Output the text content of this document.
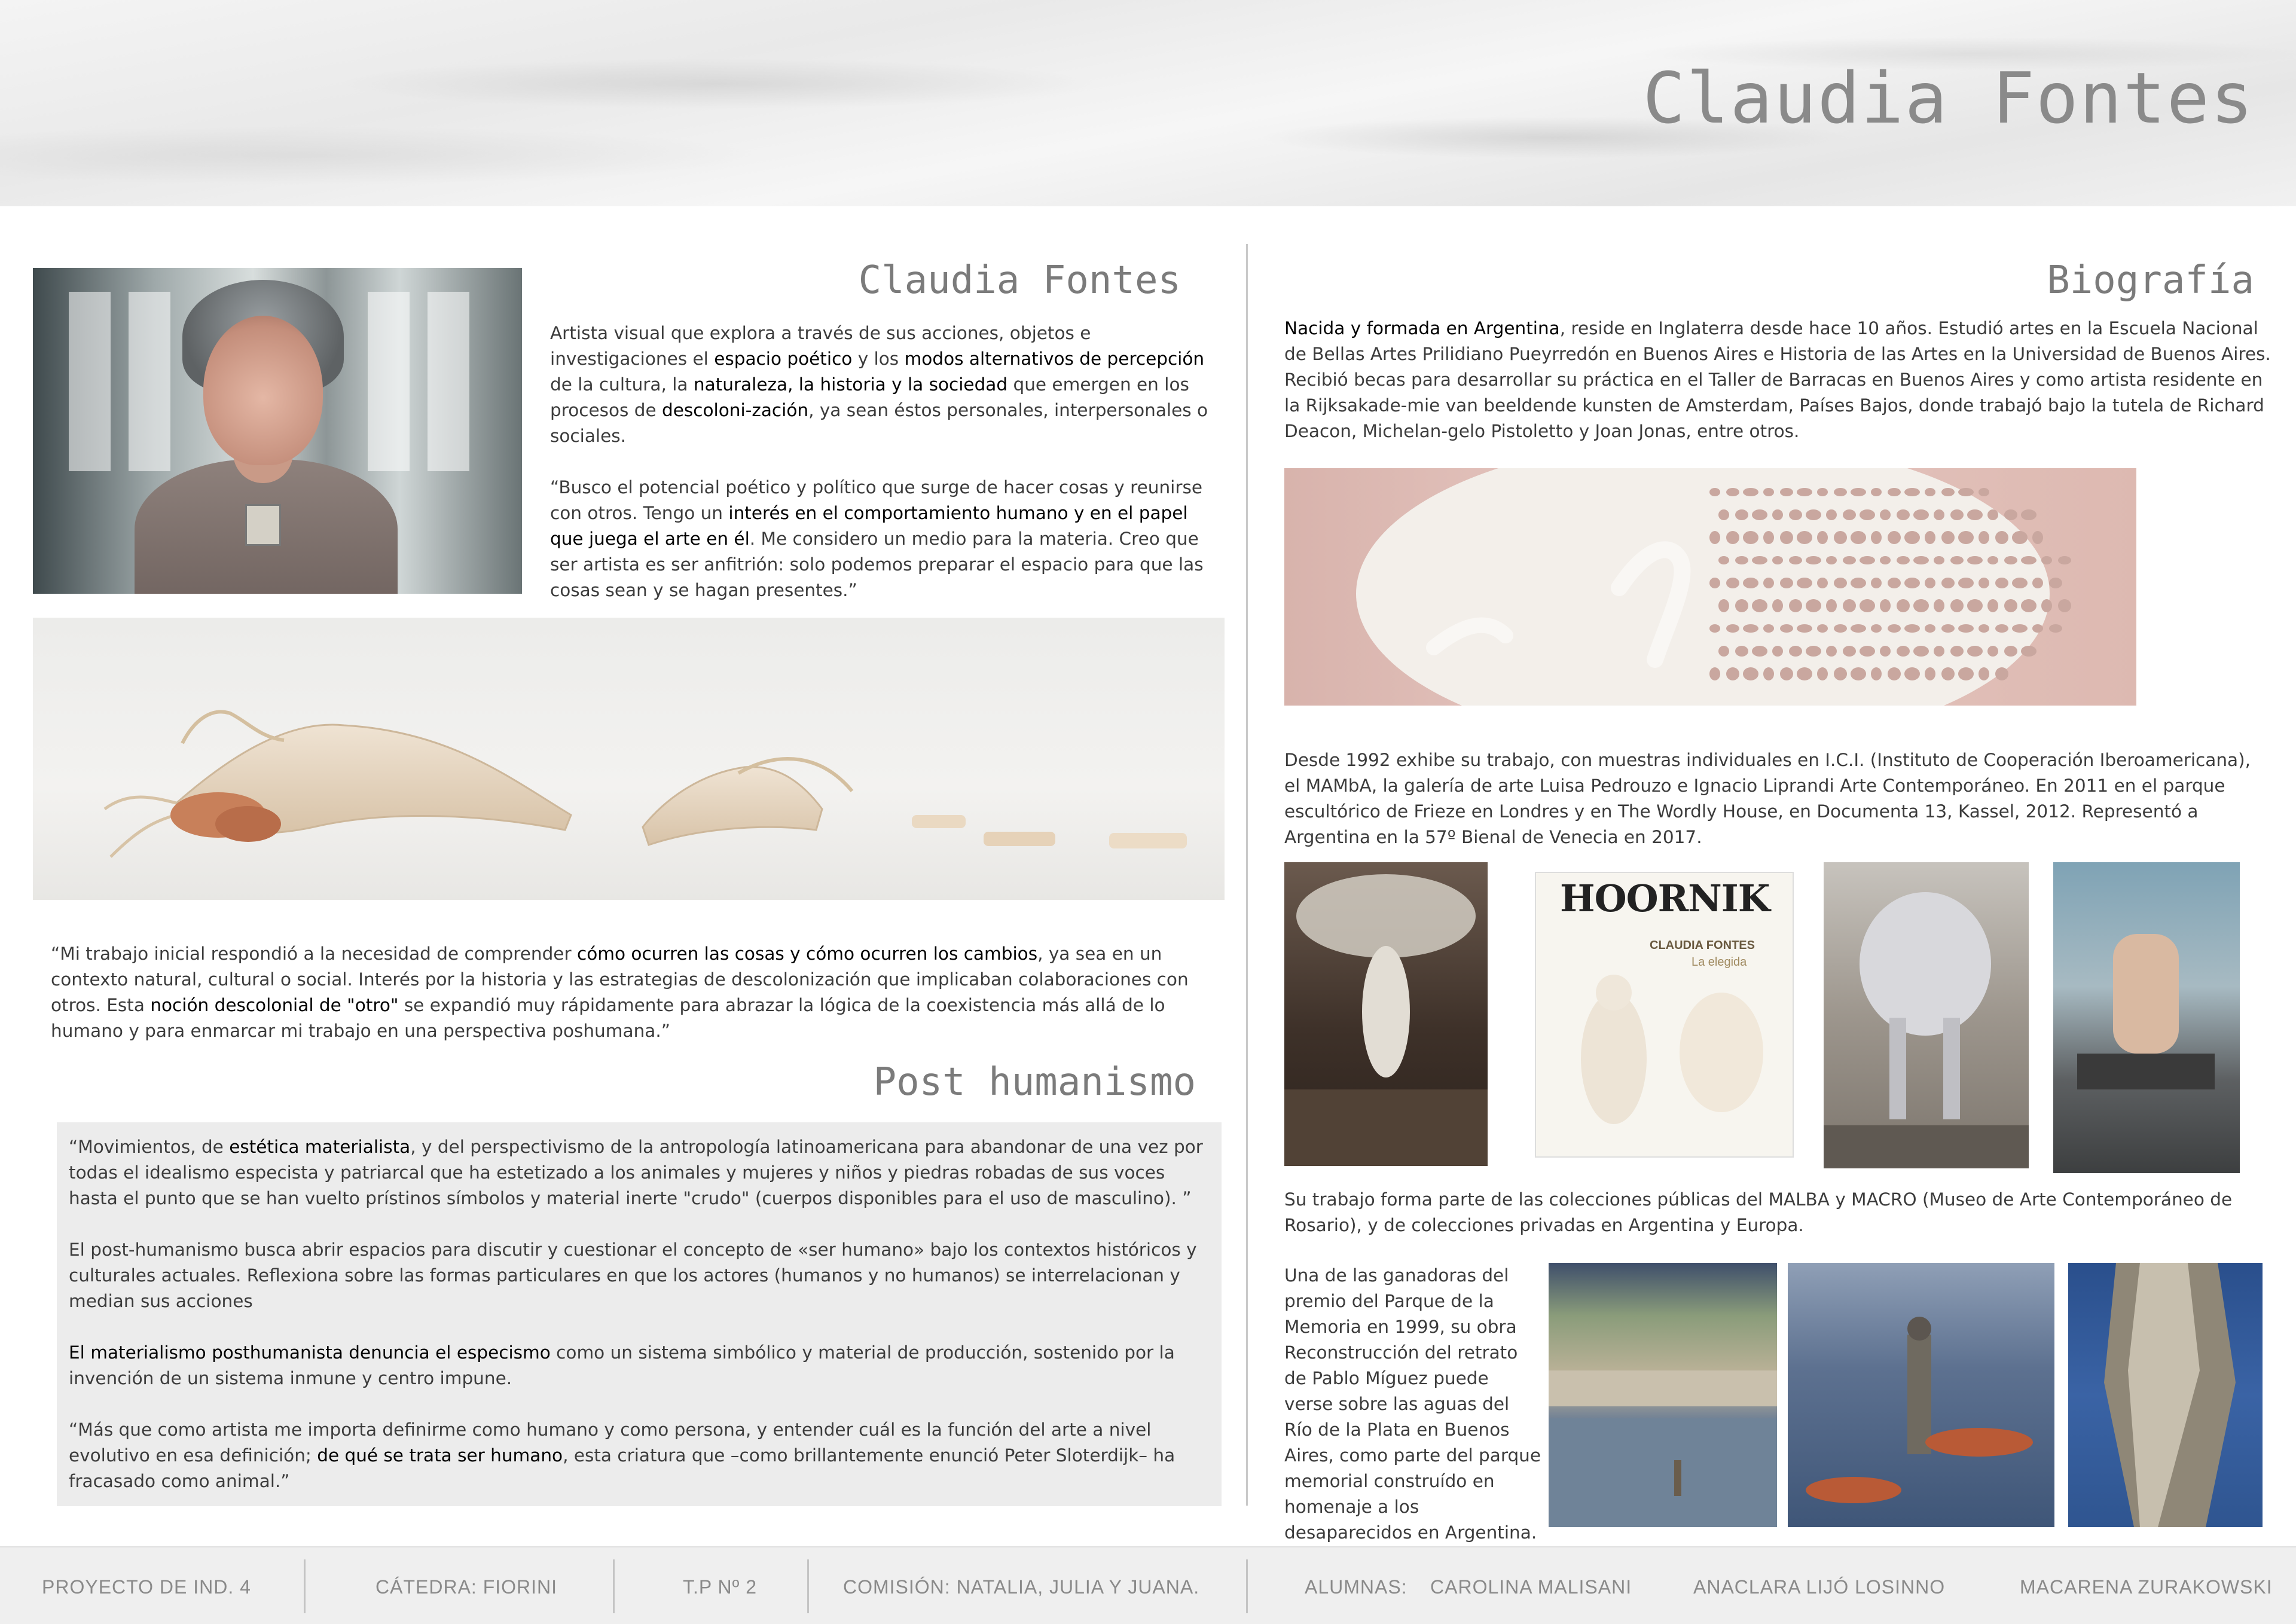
Claudia Fontes
Claudia Fontes

Artista visual que explora a través de sus acciones, objetos e investigaciones el espacio poético y los modos alternativos de percepción de la cultura, la naturaleza, la historia y la sociedad que emergen en los procesos de descoloni-zación, ya sean éstos personales, interpersonales o sociales.

“Busco el potencial poético y político que surge de hacer cosas y reunirse con otros. Tengo un interés en el comportamiento humano y en el papel que juega el arte en él. Me considero un medio para la materia. Creo que ser artista es ser anfitrión: solo podemos preparar el espacio para que las cosas sean y se hagan presentes.”

“Mi trabajo inicial respondió a la necesidad de comprender cómo ocurren las cosas y cómo ocurren los cambios, ya sea en un contexto natural, cultural o social. Interés por la historia y las estrategias de descolonización que implicaban colaboraciones con otros. Esta noción descolonial de "otro" se expandió muy rápidamente para abrazar la lógica de la coexistencia más allá de lo humano y para enmarcar mi trabajo en una perspectiva poshumana.”
Post humanismo

“Movimientos, de estética materialista, y del perspectivismo de la antropología latinoamericana para abandonar de una vez por todas el idealismo especista y patriarcal que ha estetizado a los animales y mujeres y niños y piedras robadas de sus voces hasta el punto que se han vuelto prístinos símbolos y material inerte "crudo" (cuerpos disponibles para el uso de masculino). ”

El post-humanismo busca abrir espacios para discutir y cuestionar el concepto de «ser humano» bajo los contextos históricos y culturales actuales. Reflexiona sobre las formas particulares en que los actores (humanos y no humanos) se interrelacionan y median sus acciones

El materialismo posthumanista denuncia el especismo como un sistema simbólico y material de producción, sostenido por la invención de un sistema inmune y centro impune.

“Más que como artista me importa definirme como humano y como persona, y entender cuál es la función del arte a nivel evolutivo en esa definición; de qué se trata ser humano, esta criatura que –como brillantemente enunció Peter Sloterdijk– ha fracasado como animal.”

Biografía
Nacida y formada en Argentina, reside en Inglaterra desde hace 10 años. Estudió artes en la Escuela Nacional de Bellas Artes Prilidiano Pueyrredón en Buenos Aires e Historia de las Artes en la Universidad de Buenos Aires. Recibió becas para desarrollar su práctica en el Taller de Barracas en Buenos Aires y como artista residente en la Rijksakade-mie van beeldende kunsten de Amsterdam, Países Bajos, donde trabajó bajo la tutela de Richard Deacon, Michelan-gelo Pistoletto y Joan Jonas, entre otros.
Desde 1992 exhibe su trabajo, con muestras individuales en I.C.I. (Instituto de Cooperación Iberoamericana), el MAMbA, la galería de arte Luisa Pedrouzo e Ignacio Liprandi Arte Contemporáneo. En 2011 en el parque escultórico de Frieze en Londres y en The Wordly House, en Documenta 13, Kassel, 2012. Representó a Argentina en la 57º Bienal de Venecia en 2017.
HOORNIK
CLAUDIA FONTES
La elegida
Su trabajo forma parte de las colecciones públicas del MALBA y MACRO (Museo de Arte Contemporáneo de Rosario), y de colecciones privadas en Argentina y Europa.
Una de las ganadoras del premio del Parque de la Memoria en 1999, su obra Reconstrucción del retrato de Pablo Míguez puede verse sobre las aguas del Río de la Plata en Buenos Aires, como parte del parque memorial construído en homenaje a los desaparecidos en Argentina.
PROYECTO DE IND. 4	CÁTEDRA: FIORINI	T.P Nº 2	COMISIÓN: NATALIA, JULIA Y JUANA.	ALUMNAS: CAROLINA MALISANI	ANACLARA LIJÓ LOSINNO	MACARENA ZURAKOWSKI
